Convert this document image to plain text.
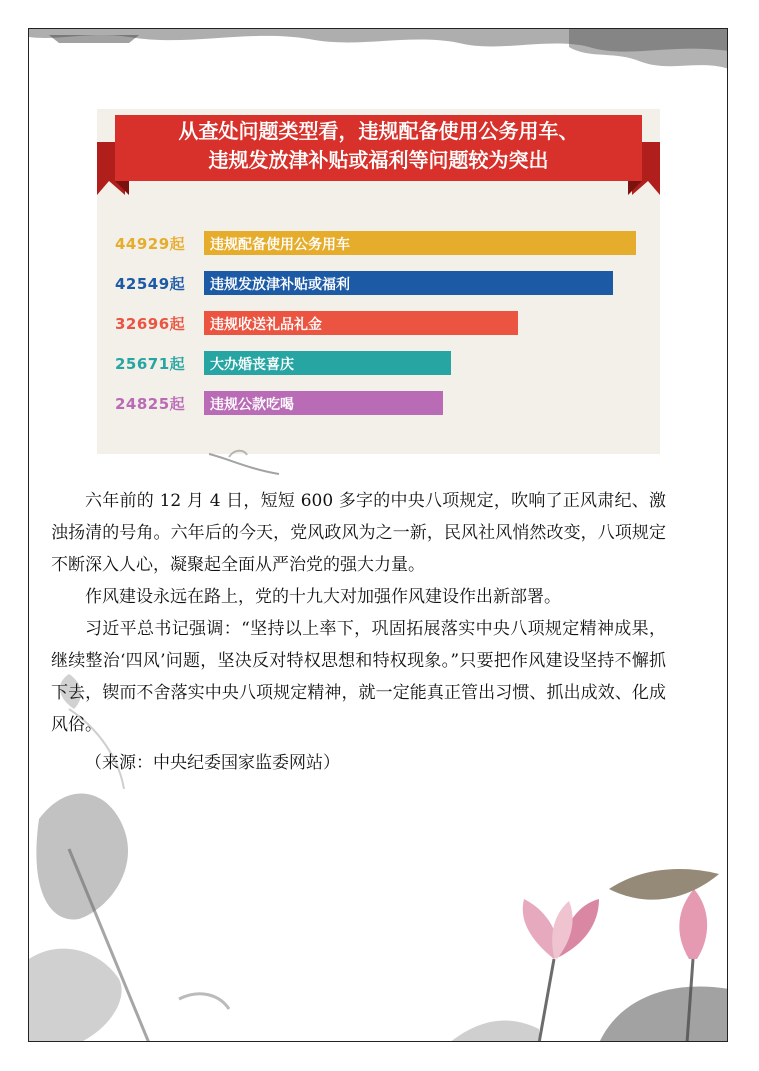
从查处问题类型看，违规配备使用公务用车、
违规发放津补贴或福利等问题较为突出
44929起 违规配备使用公务用车
42549起 违规发放津补贴或福利
32696起 违规收送礼品礼金
25671起 大办婚丧喜庆
24825起 违规公款吃喝

六年前的 12 月 4 日，短短 600 多字的中央八项规定，吹响了正风肃纪、激浊扬清的号角。六年后的今天，党风政风为之一新，民风社风悄然改变，八项规定不断深入人心，凝聚起全面从严治党的强大力量。

作风建设永远在路上，党的十九大对加强作风建设作出新部署。

习近平总书记强调：“坚持以上率下，巩固拓展落实中央八项规定精神成果，继续整治‘四风’问题，坚决反对特权思想和特权现象。”只要把作风建设坚持不懈抓下去，锲而不舍落实中央八项规定精神，就一定能真正管出习惯、抓出成效、化成风俗。

（来源：中央纪委国家监委网站）
